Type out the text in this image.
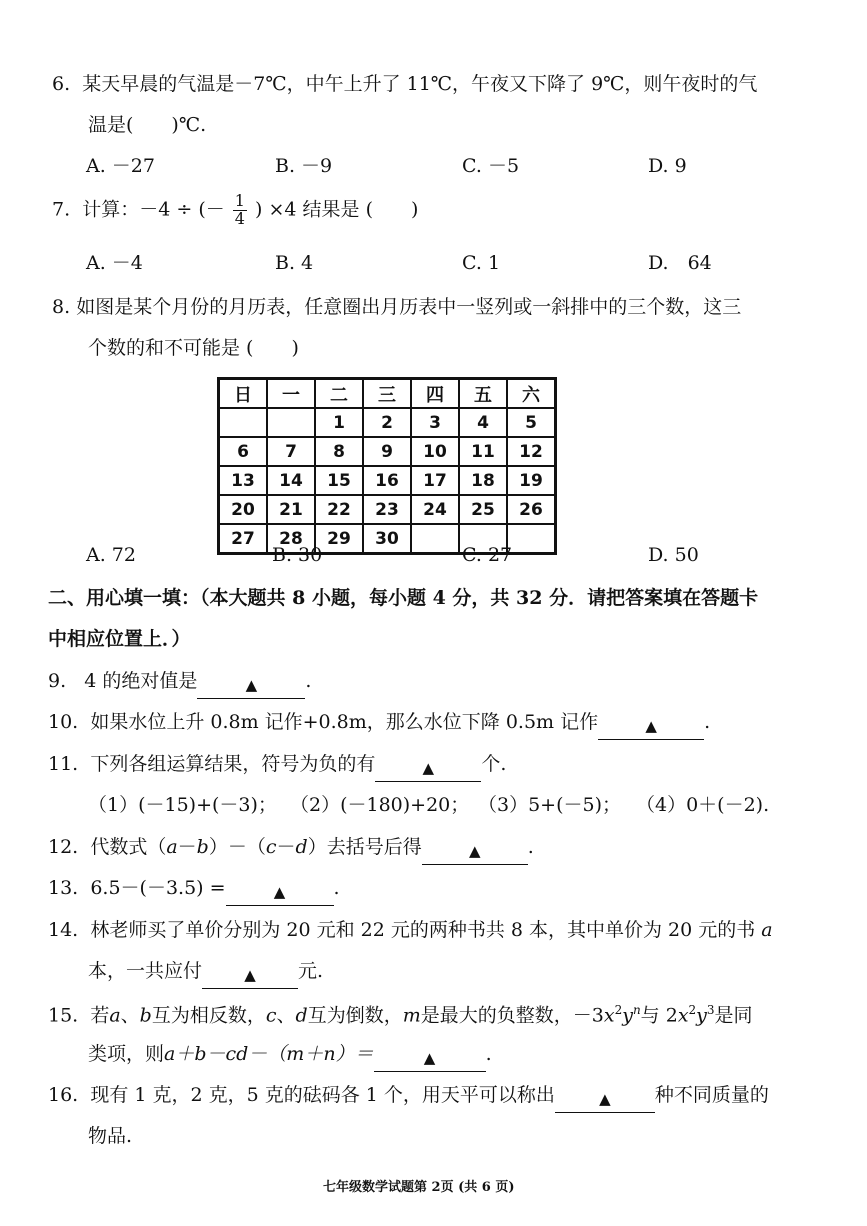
6. 某天早晨的气温是－7℃，中午上升了 11℃，午夜又下降了 9℃，则午夜时的气
温是(　　)℃.
A. －27	B. －9	C. －5	D. 9
7. 计算：－4 ÷ (－ $\frac{1}{4}$ ) ×4 结果是 (　　)
A. －4	B. 4	C. 1	D.　64
8. 如图是某个月份的月历表，任意圈出月历表中一竖列或一斜排中的三个数，这三
个数的和不可能是 (　　)
日	一	二	三	四	五	六
		1	2	3	4	5
6	7	8	9	10	11	12
13	14	15	16	17	18	19
20	21	22	23	24	25	26
27	28	29	30			
A. 72	B. 30	C. 27	D. 50
二、用心填一填：（本大题共 8 小题，每小题 4 分，共 32 分．请把答案填在答题卡
中相应位置上．）
9. 4 的绝对值是	▲	.
10. 如果水位上升 0.8m 记作+0.8m，那么水位下降 0.5m 记作	▲ .
11. 下列各组运算结果，符号为负的有	▲ 个.
（1）(－15)+(－3)； （2）(－180)+20； （3）5+(－5)； （4）0＋(－2).
12. 代数式（a－b）－（c－d）去括号后得	▲ .
13. 6.5－(－3.5) =	▲	.
14. 林老师买了单价分别为 20 元和 22 元的两种书共 8 本，其中单价为 20 元的书 a
本，一共应付	▲ 元.
15. 若a、b互为相反数，c、d互为倒数，m是最大的负整数，$-3x^2y^n$与 $2x^2y^3$是同
类项，则a＋b－cd－（m＋n）＝	▲	.
16. 现有 1 克，2 克，5 克的砝码各 1 个，用天平可以称出	▲ 种不同质量的
物品.
七年级数学试题第 2页 (共 6 页)
